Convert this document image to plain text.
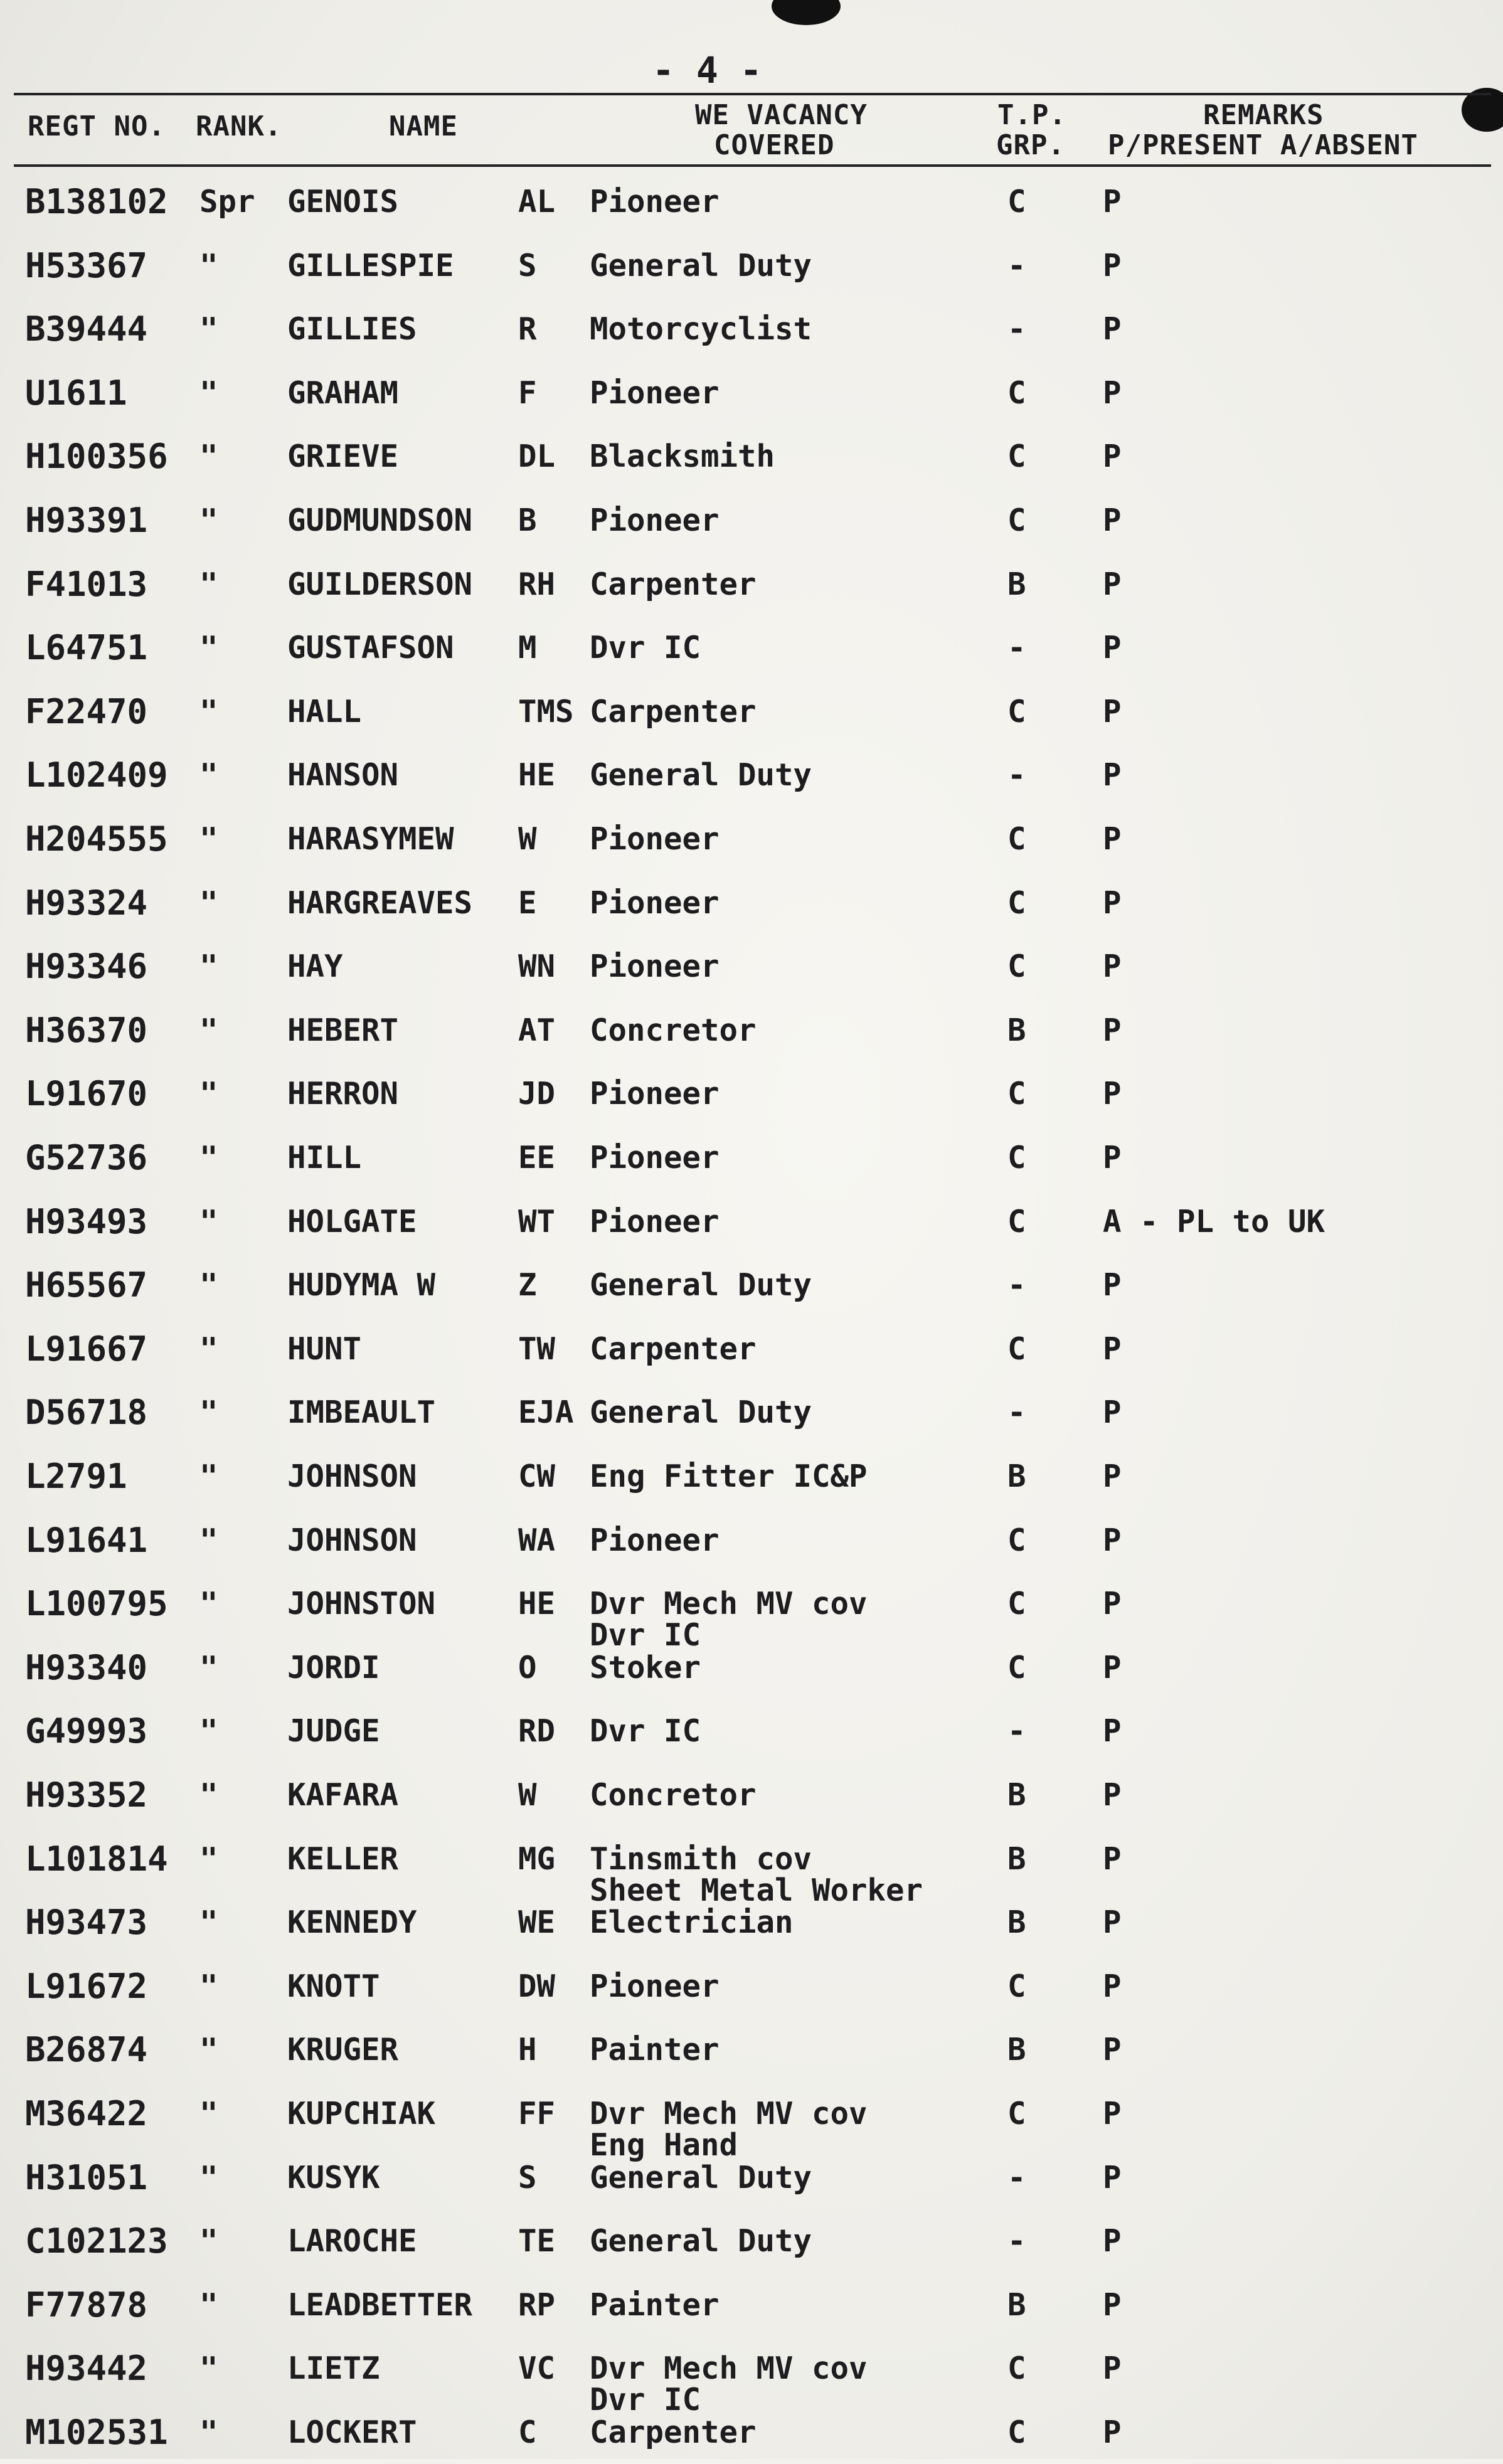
- 4 -
REGT NO. RANK.	NAME	WE VACANCY
COVERED
T.P.
GRP.
REMARKS
P/PRESENT A/ABSENT
B138102 Spr GENOIS	AL Pioneer	C P
H53367 " GILLESPIE S General Duty	- P
B39444 " GILLIES	R Motorcyclist	- P
U1611 " GRAHAM	F Pioneer	C P
H100356 " GRIEVE	DL Blacksmith	C P
H93391 " GUDMUNDSON B Pioneer	C P
F41013 " GUILDERSON RH Carpenter	B P
L64751 " GUSTAFSON M Dvr IC	- P
F22470 " HALL	TMS Carpenter	C P
L102409 " HANSON	HE General Duty	- P
H204555 " HARASYMEW W Pioneer	C P
H93324 " HARGREAVES E Pioneer	C P
H93346 " HAY	WN Pioneer	C P
H36370 " HEBERT	AT Concretor	B P
L91670 " HERRON	JD Pioneer	C P
G52736 " HILL	EE Pioneer	C P
H93493 " HOLGATE	WT Pioneer	C A - PL to UK
H65567 " HUDYMA W	Z General Duty	- P
L91667 " HUNT	TW Carpenter	C P
D56718 " IMBEAULT	EJA General Duty	- P
L2791 " JOHNSON	CW Eng Fitter IC&P	B P
L91641 " JOHNSON	WA Pioneer	C P
L100795 " JOHNSTON	HE Dvr Mech MV cov	C P
Dvr IC
H93340 " JORDI	O Stoker	C P
G49993 " JUDGE	RD Dvr IC	- P
H93352 " KAFARA	W Concretor	B P
L101814 " KELLER	MG Tinsmith cov	B P
Sheet Metal Worker
H93473 " KENNEDY	WE Electrician	B P
L91672 " KNOTT	DW Pioneer	C P
B26874 " KRUGER	H Painter	B P
M36422 " KUPCHIAK	FF Dvr Mech MV cov	C P
Eng Hand
H31051 " KUSYK	S General Duty	- P
C102123 " LAROCHE	TE General Duty	- P
F77878 " LEADBETTER RP Painter	B P
H93442 " LIETZ	VC Dvr Mech MV cov	C P
Dvr IC
M102531 " LOCKERT	C Carpenter	C P
